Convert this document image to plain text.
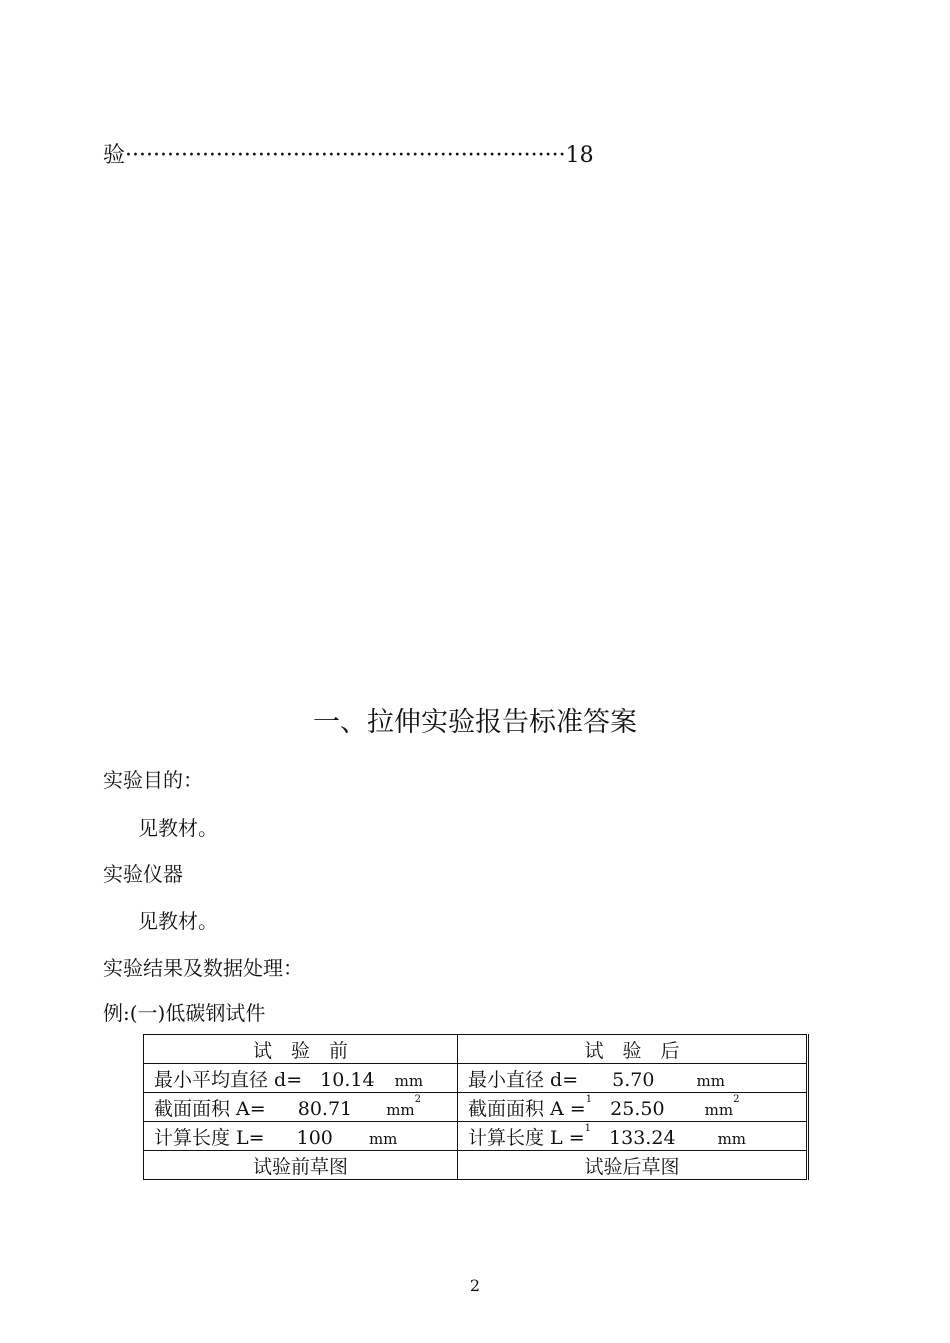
验·······························································18
一、拉伸实验报告标准答案
实验目的：
见教材。
实验仪器
见教材。
实验结果及数据处理：
例:(一)低碳钢试件
试　验　前	试　验　后
最小平均直径 d= 10.14 mm	最小直径 d= 5.70 mm
截面面积 A= 80.71 $mm^2$	截面面积 A =$^1$ 25.50 $mm^2$
计算长度 L= 100 mm	计算长度 L =$^1$ 133.24 mm
试验前草图	试验后草图
2
